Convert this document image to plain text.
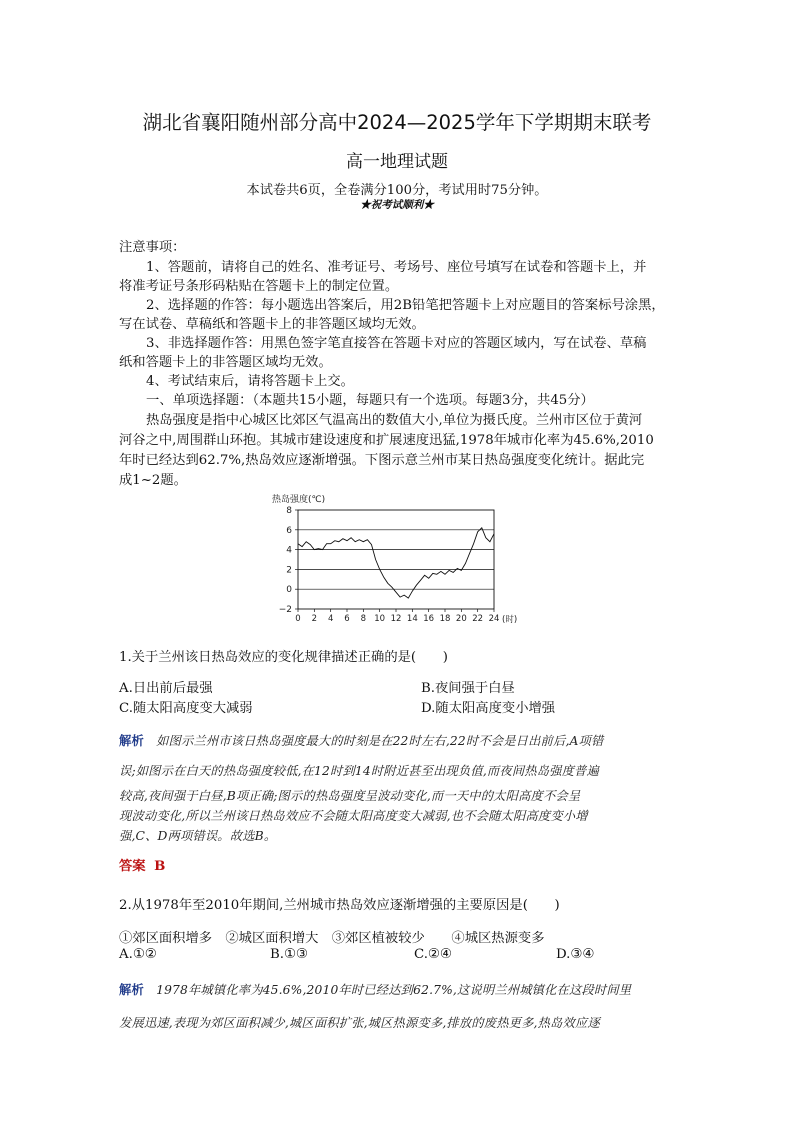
湖北省襄阳随州部分高中2024—2025学年下学期期末联考
高一地理试题
本试卷共6页，全卷满分100分，考试用时75分钟。
★祝考试顺利★
注意事项：
1、答题前，请将自己的姓名、准考证号、考场号、座位号填写在试卷和答题卡上，并
将准考证号条形码粘贴在答题卡上的制定位置。
2、选择题的作答：每小题选出答案后，用2B铅笔把答题卡上对应题目的答案标号涂黑，
写在试卷、草稿纸和答题卡上的非答题区域均无效。
3、非选择题作答：用黑色签字笔直接答在答题卡对应的答题区域内，写在试卷、草稿
纸和答题卡上的非答题区域均无效。
4、考试结束后，请将答题卡上交。
一、单项选择题：（本题共15小题，每题只有一个选项。每题3分，共45分）
热岛强度是指中心城区比郊区气温高出的数值大小,单位为摄氏度。兰州市区位于黄河
河谷之中,周围群山环抱。其城市建设速度和扩展速度迅猛,1978年城市化率为45.6%,2010
年时已经达到62.7%,热岛效应逐渐增强。下图示意兰州市某日热岛强度变化统计。据此完
成1~2题。
热岛强度(℃)
−2
0
2
4
6
8
0 2 4 6 8 10 12 14 16 18 20 22 24 (时)
1.关于兰州该日热岛效应的变化规律描述正确的是(　　)
A.日出前后最强	B.夜间强于白昼
C.随太阳高度变大减弱	D.随太阳高度变小增强
解析 如图示兰州市该日热岛强度最大的时刻是在22时左右,22时不会是日出前后,A项错
误;如图示在白天的热岛强度较低,在12时到14时附近甚至出现负值,而夜间热岛强度普遍
较高,夜间强于白昼,B项正确;图示的热岛强度呈波动变化,而一天中的太阳高度不会呈
现波动变化,所以兰州该日热岛效应不会随太阳高度变大减弱,也不会随太阳高度变小增
强,C、D两项错误。故选B。
答案 B
2.从1978年至2010年期间,兰州城市热岛效应逐渐增强的主要原因是(　　)
①郊区面积增多　②城区面积增大　③郊区植被较少　　④城区热源变多
A.①②	B.①③	C.②④	D.③④
解析 1978年城镇化率为45.6%,2010年时已经达到62.7%,这说明兰州城镇化在这段时间里
发展迅速,表现为郊区面积减少,城区面积扩张,城区热源变多,排放的废热更多,热岛效应逐
